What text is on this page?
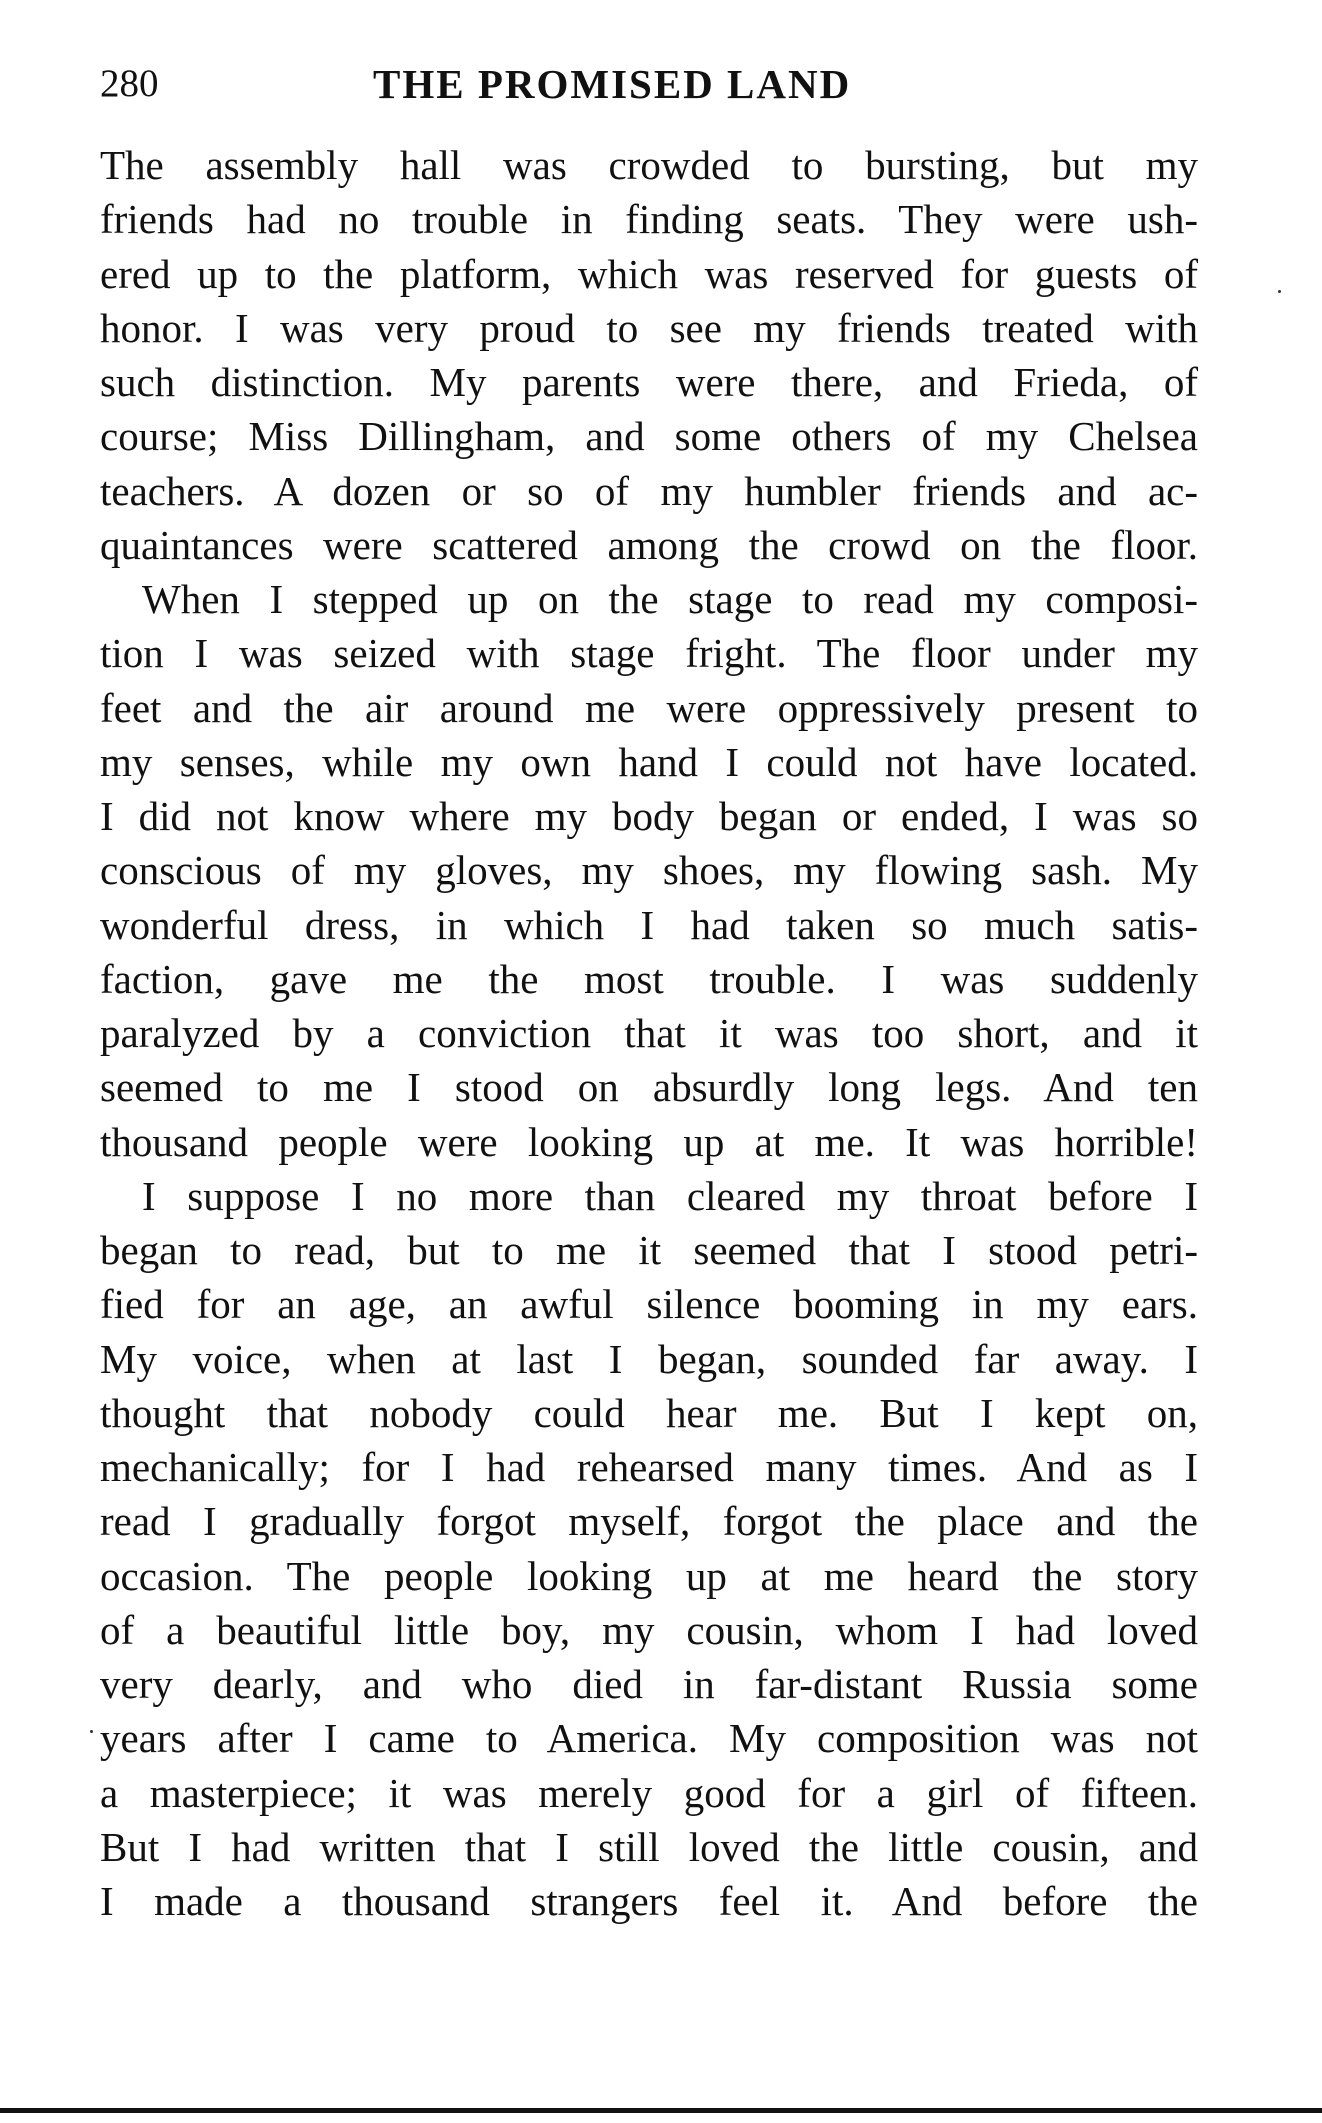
280	THE PROMISED LAND
The assembly hall was crowded to bursting, but my
friends had no trouble in finding seats. They were ush-
ered up to the platform, which was reserved for guests of
honor. I was very proud to see my friends treated with
such distinction. My parents were there, and Frieda, of
course; Miss Dillingham, and some others of my Chelsea
teachers. A dozen or so of my humbler friends and ac-
quaintances were scattered among the crowd on the floor.
When I stepped up on the stage to read my composi-
tion I was seized with stage fright. The floor under my
feet and the air around me were oppressively present to
my senses, while my own hand I could not have located.
I did not know where my body began or ended, I was so
conscious of my gloves, my shoes, my flowing sash. My
wonderful dress, in which I had taken so much satis-
faction, gave me the most trouble. I was suddenly
paralyzed by a conviction that it was too short, and it
seemed to me I stood on absurdly long legs. And ten
thousand people were looking up at me. It was horrible!
I suppose I no more than cleared my throat before I
began to read, but to me it seemed that I stood petri-
fied for an age, an awful silence booming in my ears.
My voice, when at last I began, sounded far away. I
thought that nobody could hear me. But I kept on,
mechanically; for I had rehearsed many times. And as I
read I gradually forgot myself, forgot the place and the
occasion. The people looking up at me heard the story
of a beautiful little boy, my cousin, whom I had loved
very dearly, and who died in far-distant Russia some
years after I came to America. My composition was not
a masterpiece; it was merely good for a girl of fifteen.
But I had written that I still loved the little cousin, and
I made a thousand strangers feel it. And before the
